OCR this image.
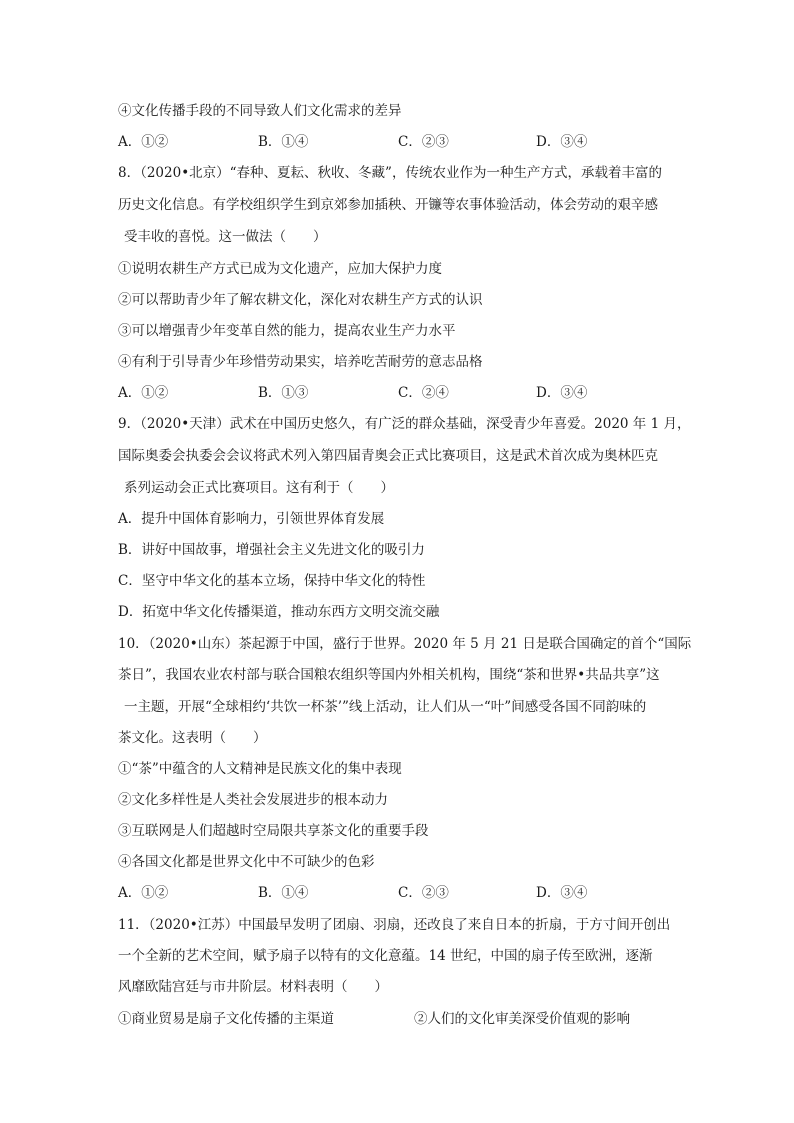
④文化传播手段的不同导致人们文化需求的差异
A．①②	B．①④	C．②③	D．③④
8．（2020•北京）“春种、夏耘、秋收、冬藏”，传统农业作为一种生产方式，承载着丰富的
历史文化信息。有学校组织学生到京郊参加插秧、开镰等农事体验活动，体会劳动的艰辛感
受丰收的喜悦。这一做法（　　）
①说明农耕生产方式已成为文化遗产，应加大保护力度
②可以帮助青少年了解农耕文化，深化对农耕生产方式的认识
③可以增强青少年变革自然的能力，提高农业生产力水平
④有利于引导青少年珍惜劳动果实，培养吃苦耐劳的意志品格
A．①②	B．①③	C．②④	D．③④
9．（2020•天津）武术在中国历史悠久，有广泛的群众基础，深受青少年喜爱。2020 年 1 月，
国际奥委会执委会会议将武术列入第四届青奥会正式比赛项目，这是武术首次成为奥林匹克
系列运动会正式比赛项目。这有利于（　　）
A．提升中国体育影响力，引领世界体育发展
B．讲好中国故事，增强社会主义先进文化的吸引力
C．坚守中华文化的基本立场，保持中华文化的特性
D．拓宽中华文化传播渠道，推动东西方文明交流交融
10．（2020•山东）茶起源于中国，盛行于世界。2020 年 5 月 21 日是联合国确定的首个“国际
茶日”，我国农业农村部与联合国粮农组织等国内外相关机构，围绕“茶和世界•共品共享”这
一主题，开展“全球相约‘共饮一杯茶’”线上活动，让人们从一“叶”间感受各国不同韵味的
茶文化。这表明（　　）
①“茶”中蕴含的人文精神是民族文化的集中表现
②文化多样性是人类社会发展进步的根本动力
③互联网是人们超越时空局限共享茶文化的重要手段
④各国文化都是世界文化中不可缺少的色彩
A．①②	B．①④	C．②③	D．③④
11．（2020•江苏）中国最早发明了团扇、羽扇，还改良了来自日本的折扇，于方寸间开创出
一个全新的艺术空间，赋予扇子以特有的文化意蕴。14 世纪，中国的扇子传至欧洲，逐渐
风靡欧陆宫廷与市井阶层。材料表明（　　）
①商业贸易是扇子文化传播的主渠道	②人们的文化审美深受价值观的影响
